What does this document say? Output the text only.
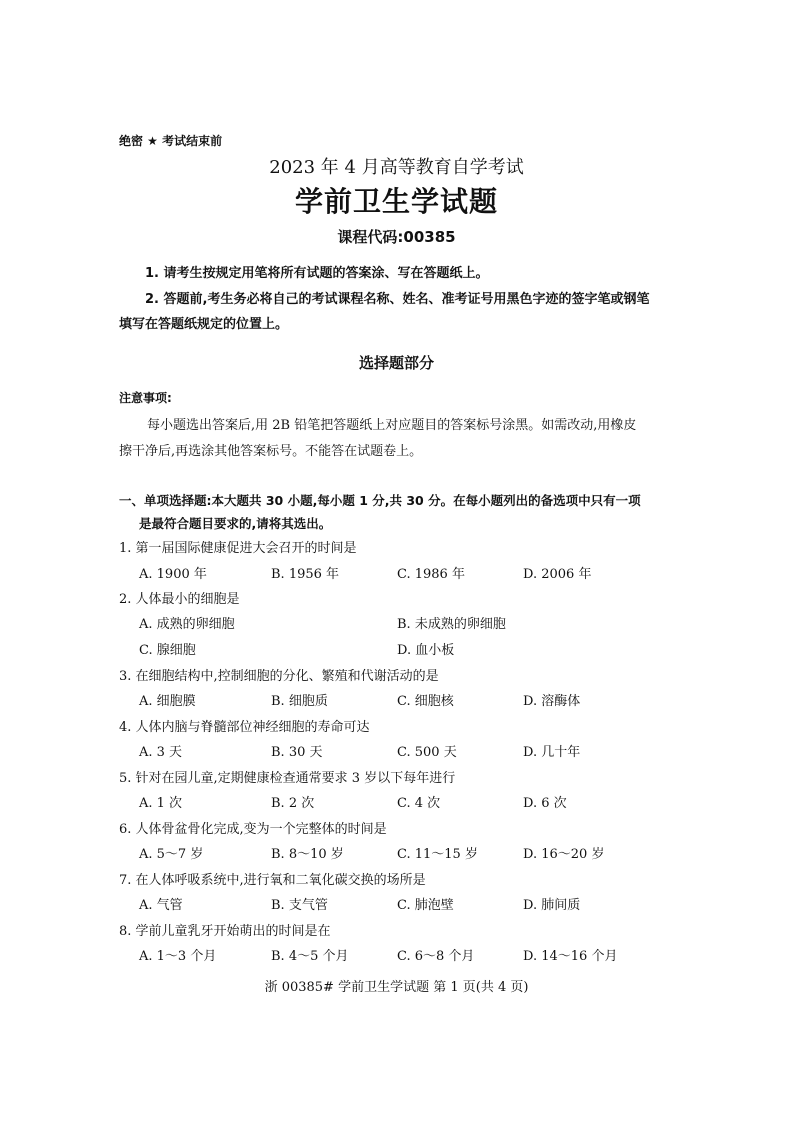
绝密 ★ 考试结束前
2023 年 4 月高等教育自学考试
学前卫生学试题
课程代码:00385
1. 请考生按规定用笔将所有试题的答案涂、写在答题纸上。
2. 答题前,考生务必将自己的考试课程名称、姓名、准考证号用黑色字迹的签字笔或钢笔
填写在答题纸规定的位置上。
选择题部分
注意事项:
每小题选出答案后,用 2B 铅笔把答题纸上对应题目的答案标号涂黑。如需改动,用橡皮
擦干净后,再选涂其他答案标号。不能答在试题卷上。
一、单项选择题:本大题共 30 小题,每小题 1 分,共 30 分。在每小题列出的备选项中只有一项
是最符合题目要求的,请将其选出。
1. 第一届国际健康促进大会召开的时间是
A. 1900 年	B. 1956 年	C. 1986 年	D. 2006 年
2. 人体最小的细胞是
A. 成熟的卵细胞	B. 未成熟的卵细胞
C. 腺细胞	D. 血小板
3. 在细胞结构中,控制细胞的分化、繁殖和代谢活动的是
A. 细胞膜	B. 细胞质	C. 细胞核	D. 溶酶体
4. 人体内脑与脊髓部位神经细胞的寿命可达
A. 3 天	B. 30 天	C. 500 天	D. 几十年
5. 针对在园儿童,定期健康检查通常要求 3 岁以下每年进行
A. 1 次	B. 2 次	C. 4 次	D. 6 次
6. 人体骨盆骨化完成,变为一个完整体的时间是
A. 5～7 岁	B. 8～10 岁	C. 11～15 岁	D. 16～20 岁
7. 在人体呼吸系统中,进行氧和二氧化碳交换的场所是
A. 气管	B. 支气管	C. 肺泡壁	D. 肺间质
8. 学前儿童乳牙开始萌出的时间是在
A. 1～3 个月	B. 4～5 个月	C. 6～8 个月	D. 14～16 个月
浙 00385# 学前卫生学试题 第 1 页(共 4 页)
